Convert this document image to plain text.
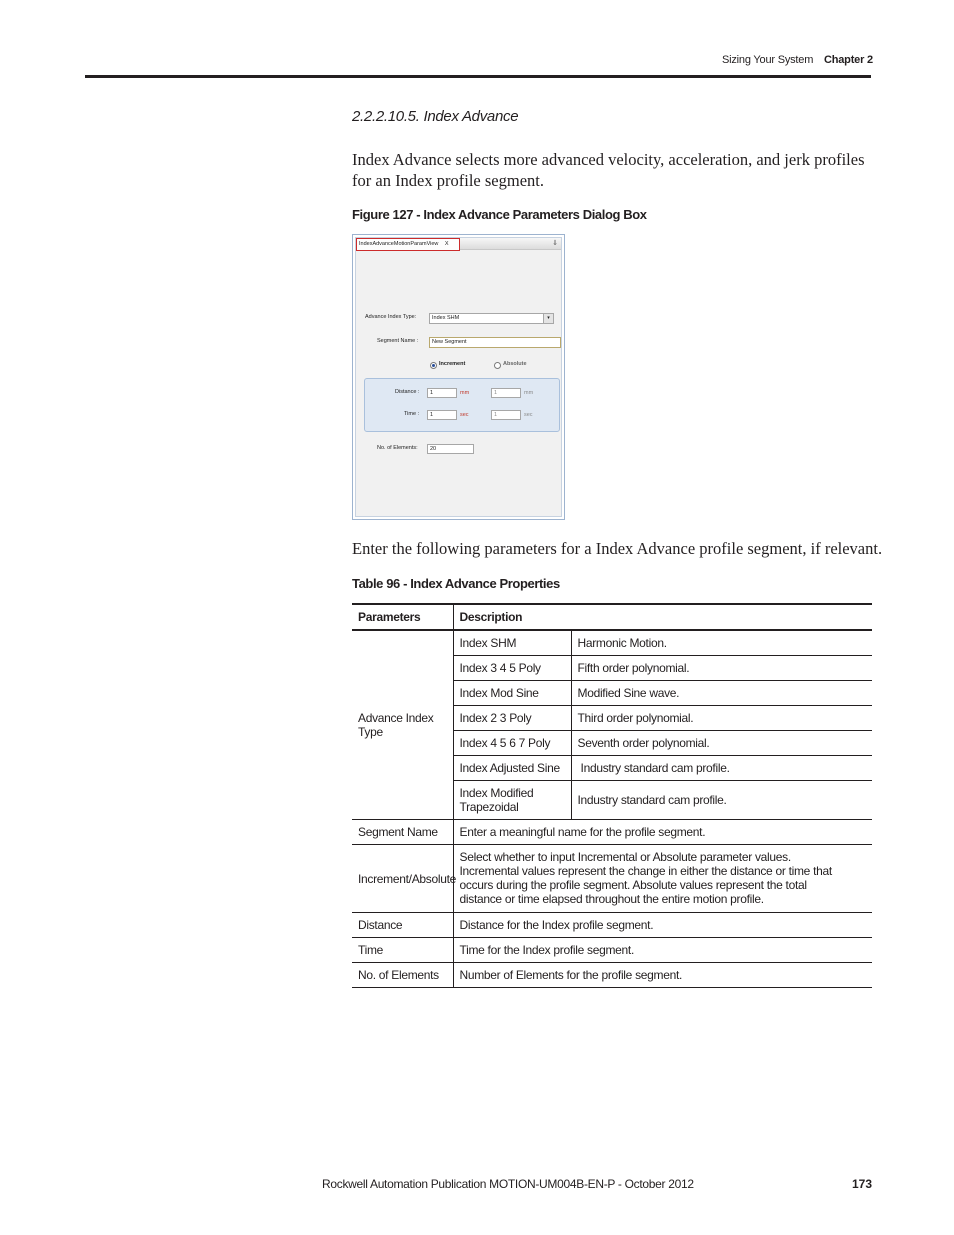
Sizing Your System Chapter 2
2.2.2.10.5. Index Advance
Index Advance selects more advanced velocity, acceleration, and jerk profiles for an Index profile segment.
Figure 127 - Index Advance Parameters Dialog Box
IndexAdvanceMotionParamView X	⇓
Advance Index Type:	Index SHM	▾
Segment Name :	New Segment
Increment	Absolute
Distance :	1	mm	1	mm
Time :	1	sec	1	sec
No. of Elements:	20
Enter the following parameters for a Index Advance profile segment, if relevant.
Table 96 - Index Advance Properties
Parameters	Description	
Advance Index Type	Index SHM	Harmonic Motion.
	Index 3 4 5 Poly	Fifth order polynomial.
	Index Mod Sine	Modified Sine wave.
	Index 2 3 Poly	Third order polynomial.
	Index 4 5 6 7 Poly	Seventh order polynomial.
	Index Adjusted Sine	Industry standard cam profile.
	Index Modified Trapezoidal	Industry standard cam profile.
Segment Name	Enter a meaningful name for the profile segment.	
Increment/Absolute	Select whether to input Incremental or Absolute parameter values. Incremental values represent the change in either the distance or time that occurs during the profile segment. Absolute values represent the total distance or time elapsed throughout the entire motion profile.	
Distance	Distance for the Index profile segment.	
Time	Time for the Index profile segment.	
No. of Elements	Number of Elements for the profile segment.	
Rockwell Automation Publication MOTION-UM004B-EN-P - October 2012	173
